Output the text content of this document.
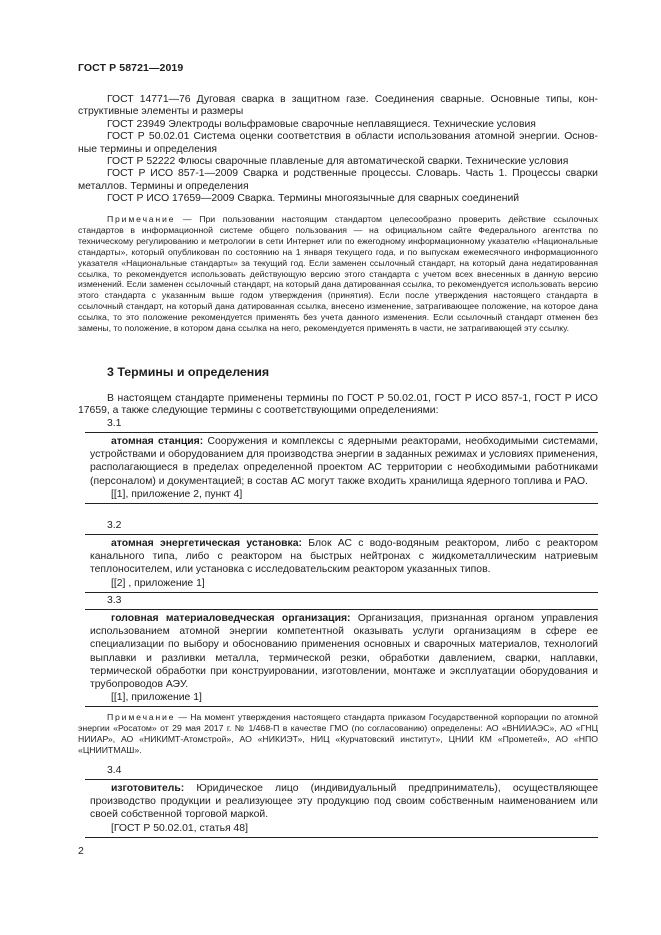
ГОСТ Р 58721—2019

ГОСТ 14771—76 Дуговая сварка в защитном газе. Соединения сварные. Основные типы, кон- структивные элементы и размеры

ГОСТ 23949 Электроды вольфрамовые сварочные неплавящиеся. Технические условия

ГОСТ Р 50.02.01 Система оценки соответствия в области использования атомной энергии. Основ- ные термины и определения

ГОСТ Р 52222 Флюсы сварочные плавленые для автоматической сварки. Технические условия

ГОСТ Р ИСО 857-1—2009 Сварка и родственные процессы. Словарь. Часть 1. Процессы сварки металлов. Термины и определения

ГОСТ Р ИСО 17659—2009 Сварка. Термины многоязычные для сварных соединений

Примечание — При пользовании настоящим стандартом целесообразно проверить действие ссылочных стандартов в информационной системе общего пользования — на официальном сайте Федерального агентства по техническому регулированию и метрологии в сети Интернет или по ежегодному информационному указателю «Национальные стандарты», который опубликован по состоянию на 1 января текущего года, и по выпускам ежемесячного информационного указателя «Национальные стандарты» за текущий год. Если заменен ссылочный стандарт, на который дана недатированная ссылка, то рекомендуется использовать действующую версию этого стандарта с учетом всех внесенных в данную версию изменений. Если заменен ссылочный стандарт, на который дана датированная ссылка, то рекомендуется использовать версию этого стандарта с указанным выше годом утверждения (принятия). Если после утверждения настоящего стандарта в ссылочный стандарт, на который дана датированная ссылка, внесено изменение, затрагивающее положение, на которое дана ссылка, то это положение рекомендуется применять без учета данного изменения. Если ссылочный стандарт отменен без замены, то положение, в котором дана ссылка на него, рекомендуется применять в части, не затрагивающей эту ссылку.

3 Термины и определения

В настоящем стандарте применены термины по ГОСТ Р 50.02.01, ГОСТ Р ИСО 857-1, ГОСТ Р ИСО 17659, а также следующие термины с соответствующими определениями:

3.1

атомная станция: Сооружения и комплексы с ядерными реакторами, необходимыми системами, устройствами и оборудованием для производства энергии в заданных режимах и условиях применения, располагающиеся в пределах определенной проектом АС территории с необходимыми работниками (персоналом) и документацией; в состав АС могут также входить хранилища ядерного топлива и РАО.

[[1], приложение 2, пункт 4]

3.2

атомная энергетическая установка: Блок АС с водо-водяным реактором, либо с реактором канального типа, либо с реактором на быстрых нейтронах с жидкометаллическим натриевым теплоносителем, или установка с исследовательским реактором указанных типов.

[[2] , приложение 1]

3.3

головная материаловедческая организация: Организация, признанная органом управления использованием атомной энергии компетентной оказывать услуги организациям в сфере ее специализации по выбору и обоснованию применения основных и сварочных материалов, технологий выплавки и разливки металла, термической резки, обработки давлением, сварки, наплавки, термической обработки при конструировании, изготовлении, монтаже и эксплуатации оборудования и трубопроводов АЭУ.

[[1], приложение 1]

Примечание — На момент утверждения настоящего стандарта приказом Государственной корпорации по атомной энергии «Росатом» от 29 мая 2017 г. № 1/468-П в качестве ГМО (по согласованию) определены: АО «ВНИИАЭС», АО «ГНЦ НИИАР», АО «НИКИМТ-Атомстрой», АО «НИКИЭТ», НИЦ «Курчатовский институт», ЦНИИ КМ «Прометей», АО «НПО «ЦНИИТМАШ».

3.4

изготовитель: Юридическое лицо (индивидуальный предприниматель), осуществляющее производство продукции и реализующее эту продукцию под своим собственным наименованием или своей собственной торговой маркой.

[ГОСТ Р 50.02.01, статья 48]

2
